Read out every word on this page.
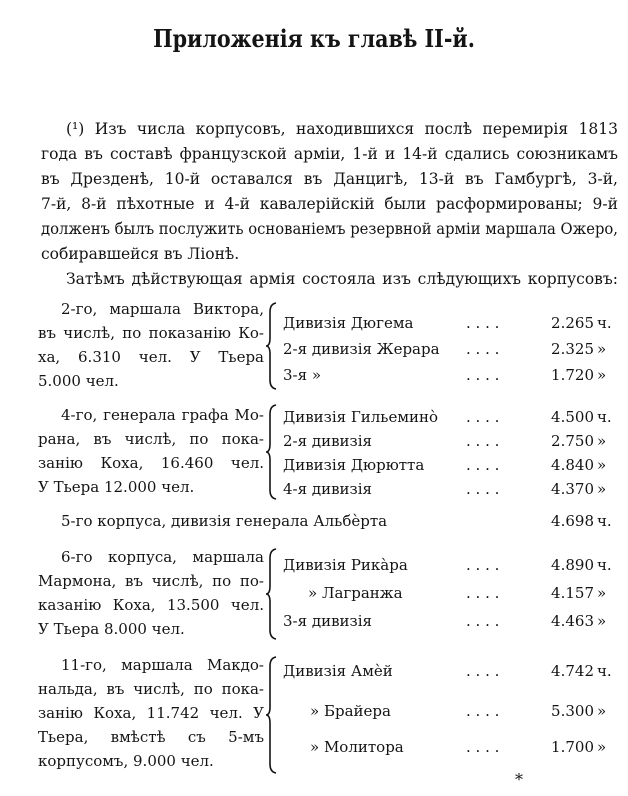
Приложенія къ главѣ II-й.
(¹) Изъ числа корпусовъ, находившихся послѣ перемирія 1813
года въ составѣ французской арміи, 1-й и 14-й сдались союзникамъ
въ Дрезденѣ, 10-й оставался въ Данцигѣ, 13-й въ Гамбургѣ, 3-й,
7-й, 8-й пѣхотные и 4-й кавалерійскій были расформированы; 9-й
долженъ былъ послужить основаніемъ резервной арміи маршала Ожеро,
собиравшейся въ Ліонѣ.
Затѣмъ дѣйствующая армія состояла изъ слѣдующихъ корпусовъ:
2-го, маршала Виктора,
въ числѣ, по показанію Ко-
ха, 6.310 чел. У Тьера
5.000 чел.
Дивизія Дюгема	. . . .	2.265 ч.
2-я дивизія Жерара . . . .	2.325 »
3-я »	. . . .	1.720 »
4-го, генерала графа Мо-
рана, въ числѣ, по пока-
занію Коха, 16.460 чел.
У Тьера 12.000 чел.
Дивизія Гильеминò . . . .	4.500 ч.
2-я дивизія	. . . .	2.750 »
Дивизія Дюрютта	. . . .	4.840 »
4-я дивизія	. . . .	4.370 »
5-го корпуса, дивизія генерала Альбèрта	4.698 ч.
6-го корпуса, маршала
Мармона, въ числѣ, по по-
казанію Коха, 13.500 чел.
У Тьера 8.000 чел.
Дивизія Рикàра	. . . .	4.890 ч.
» Лагранжа	. . . .	4.157 »
3-я дивизія	. . . .	4.463 »
11-го, маршала Макдо-
нальда, въ числѣ, по пока-
занію Коха, 11.742 чел. У
Тьера, вмѣстѣ съ 5-мъ
корпусомъ, 9.000 чел.
Дивизія Амèй	. . . .	4.742 ч.
» Брайера	. . . .	5.300 »
» Молитора	. . . .	1.700 »
*
